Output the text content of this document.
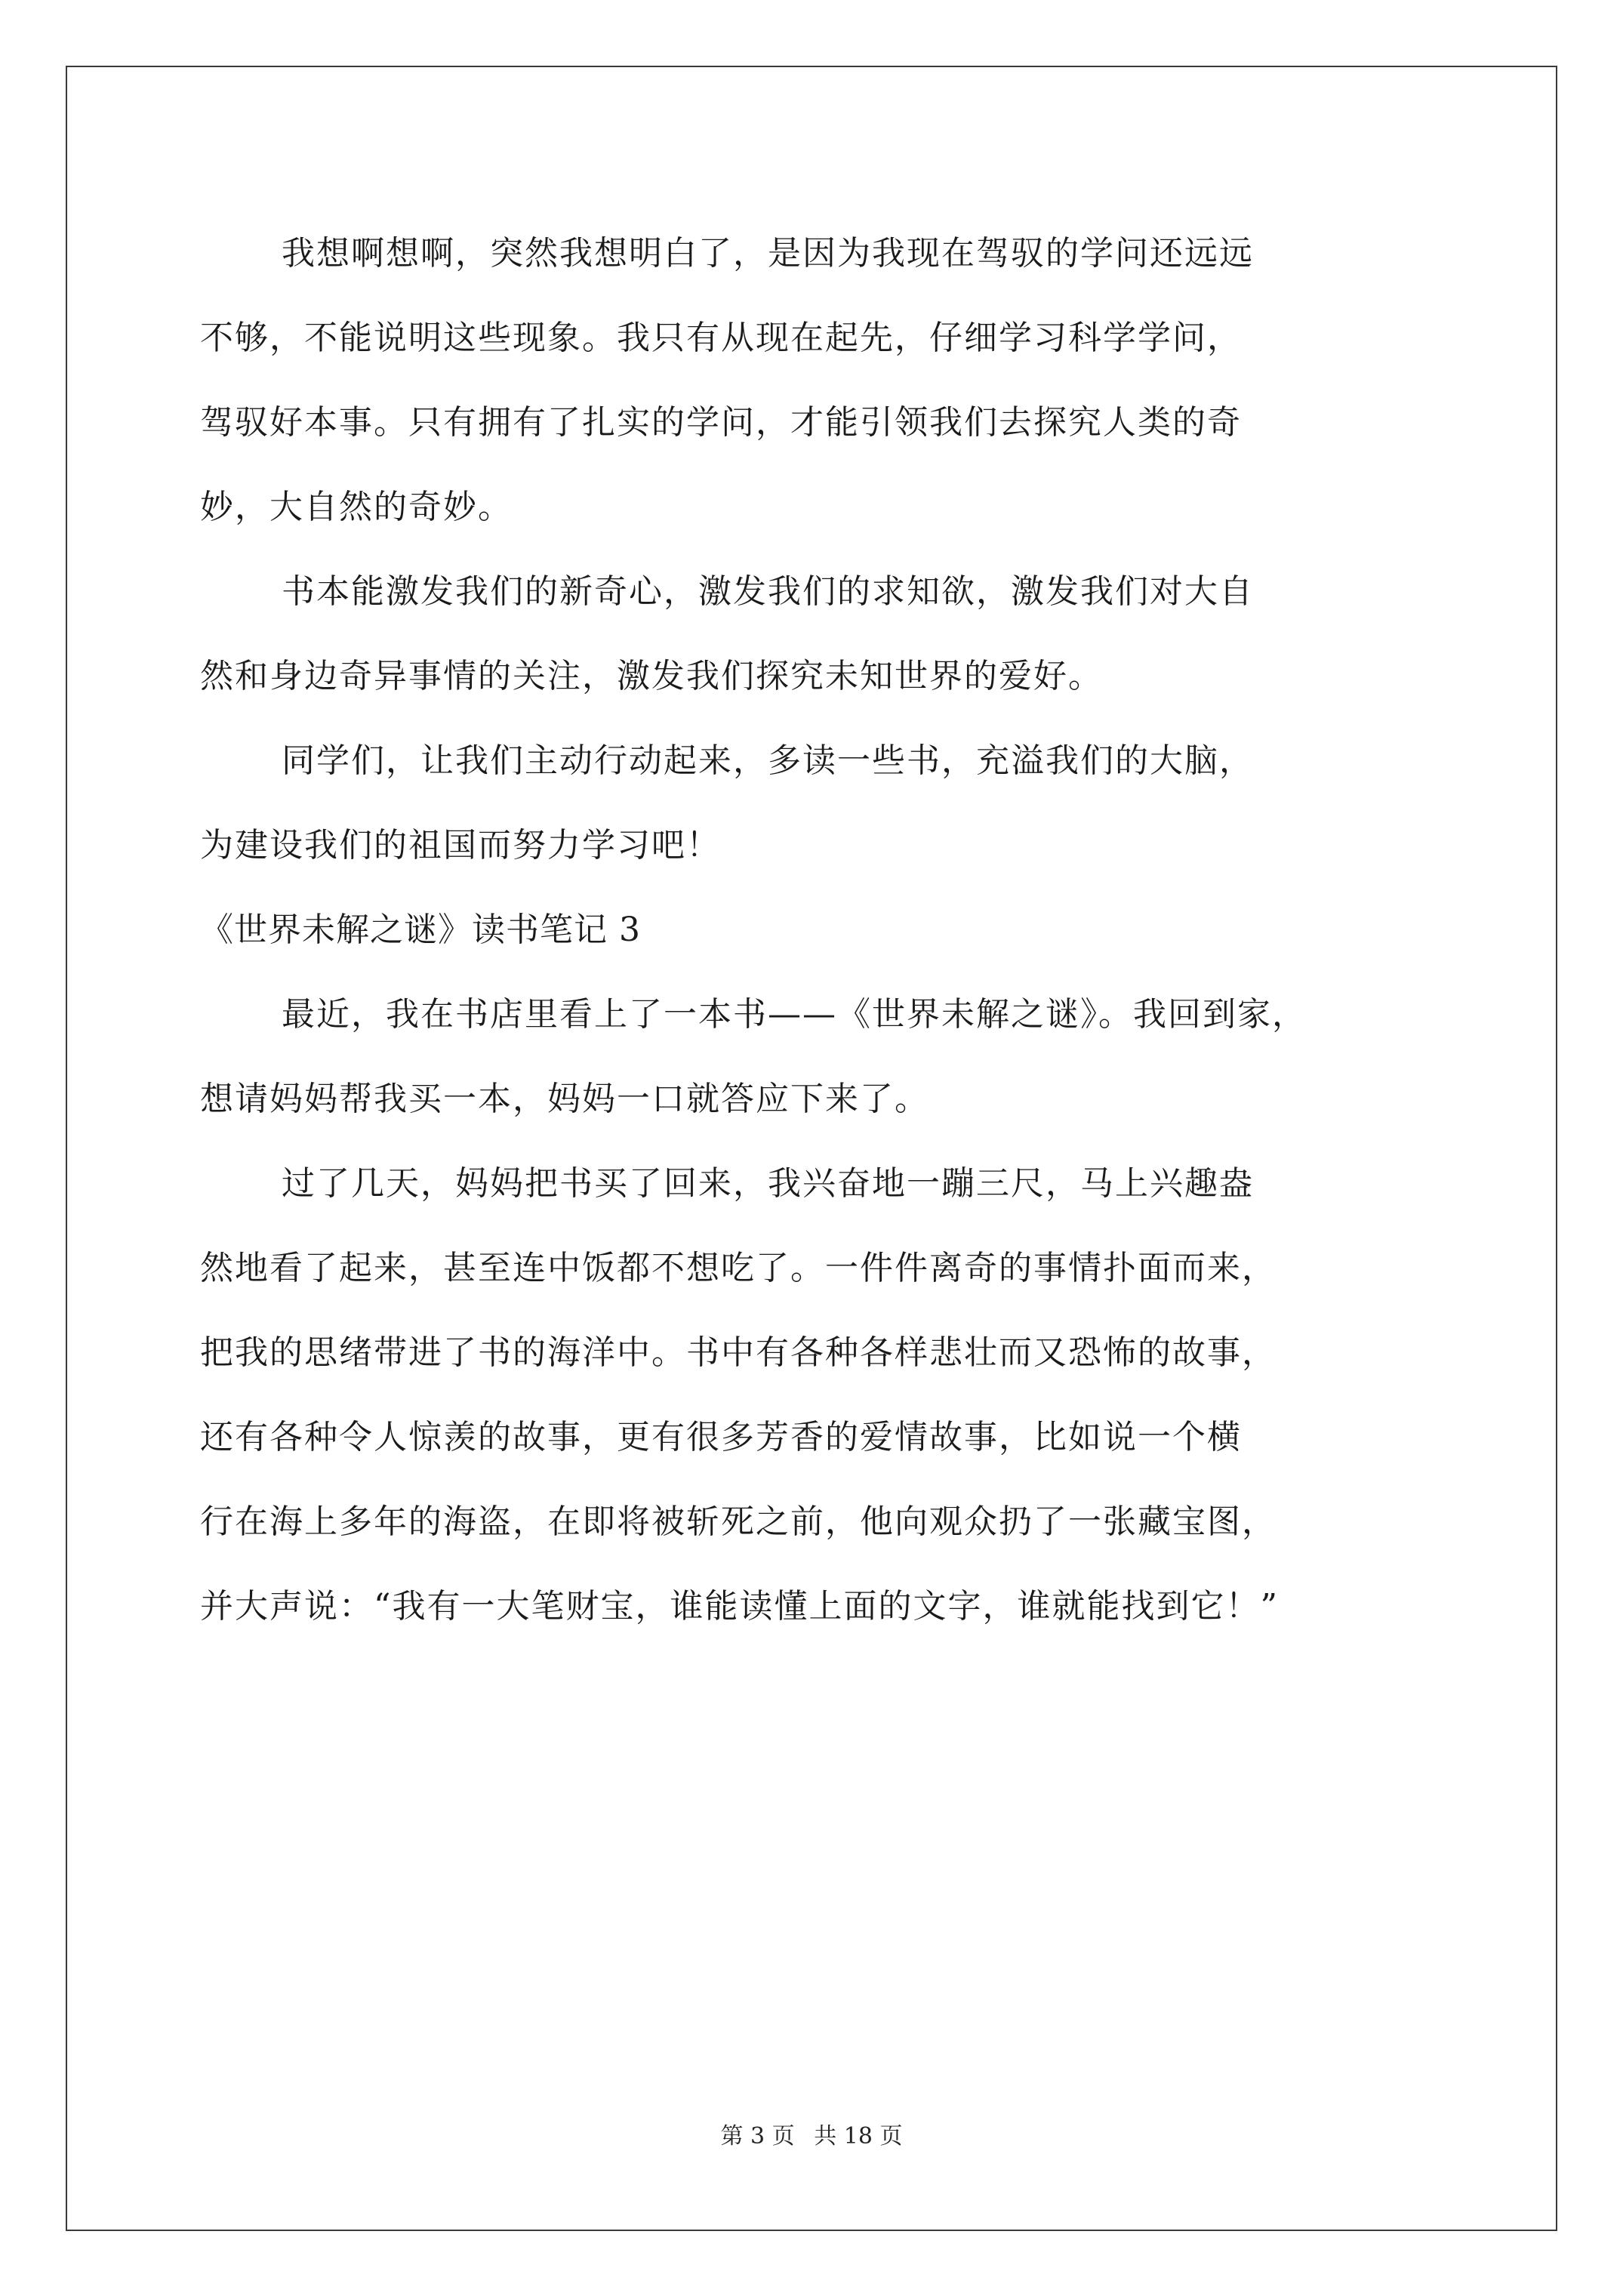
我想啊想啊，突然我想明白了，是因为我现在驾驭的学问还远远
不够，不能说明这些现象。我只有从现在起先，仔细学习科学学问，
驾驭好本事。只有拥有了扎实的学问，才能引领我们去探究人类的奇
妙，大自然的奇妙。
书本能激发我们的新奇心，激发我们的求知欲，激发我们对大自
然和身边奇异事情的关注，激发我们探究未知世界的爱好。
同学们，让我们主动行动起来，多读一些书，充溢我们的大脑，
为建设我们的祖国而努力学习吧！
《世界未解之谜》读书笔记 3
最近，我在书店里看上了一本书——《世界未解之谜》。我回到家，
想请妈妈帮我买一本，妈妈一口就答应下来了。
过了几天，妈妈把书买了回来，我兴奋地一蹦三尺，马上兴趣盎
然地看了起来，甚至连中饭都不想吃了。一件件离奇的事情扑面而来，
把我的思绪带进了书的海洋中。书中有各种各样悲壮而又恐怖的故事，
还有各种令人惊羡的故事，更有很多芳香的爱情故事，比如说一个横
行在海上多年的海盗，在即将被斩死之前，他向观众扔了一张藏宝图，
并大声说：“我有一大笔财宝，谁能读懂上面的文字，谁就能找到它！”
第 3 页 共 18 页
